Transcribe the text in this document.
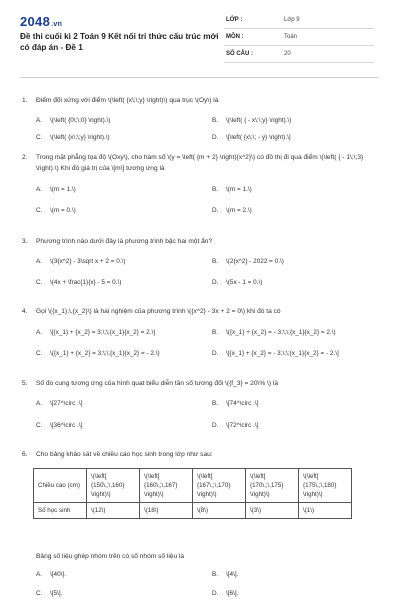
2048.vn
Đề thi cuối kì 2 Toán 9 Kết nối tri thức cấu trúc mới có đáp án - Đề 1
LỚP :	Lớp 9
MÔN :	Toán
SỐ CÂU :	20
1. Điểm đối xứng với điểm \(\left( {x\;\;y} \right)\) qua trục \(Oy\) là
A. \(\left( {0\;\;0} \right).\)	B. \(\left( { - x\;\;y} \right).\)
C. \(\left( {x\;\;y} \right).\)	D. \[\left( {x\;\; - y} \right).\]
2. Trong mặt phẳng tọa độ \(Oxy\), cho hàm số \(y = \left( {m + 2} \right){x^2}\) có đồ thị đi qua điểm \(\left( { - 1\;\;3} \right).\) Khi đó giá trị của \[m\] tương ứng là
A. \(m = 1.\)	B. \(m = 1.\)
C. \(m = 0.\)	D. \(m = 2.\)
3. Phương trình nào dưới đây là phương trình bậc hai một ẩn?
A. \(3{x^2} - 3\sqrt x + 2 = 0.\)	B. \(2{x^2} - 2022 = 0.\)
C. \(4x + \frac{1}{x} - 5 = 0.\)	D. \(5x - 1 = 0.\)
4. Gọi \({x_1},\,{x_2}\) là hai nghiệm của phương trình \({x^2} - 3x + 2 = 0\) khi đó ta có
A. \[{x_1} + {x_2} = 3;\;\;{x_1}{x_2} = 2.\]	B. \({x_1} + {x_2} = - 3;\;\;{x_1}{x_2} = 2.\)
C. \({x_1} + {x_2} = 3;\;\;{x_1}{x_2} = - 2.\)	D. \[{x_1} + {x_2} = - 3;\;\;{x_1}{x_2} = - 2.\]
5. Số đo cung tương ứng của hình quạt biểu diễn tần số tương đối \({f_3} = 20\% \) là
A. \[27^\circ .\]	B. \[74^\circ .\]
C. \[36^\circ .\]	D. \[72^\circ .\]
6. Cho bảng khảo sát về chiều cao học sinh trong lớp như sau:
Chiều cao (cm)	\(\left[ {150\,;\,160} \right)\)	\(\left[ {160\,;\,167} \right)\)	\(\left[ {167\,;\,170} \right)\)	\(\left[ {170\,;\,175} \right)\)	\(\left[ {175\,;\,180} \right)\)
Số học sinh	\(12\)	\(18\)	\(8\)	\(3\)	\(1\)
Bảng số liệu ghép nhóm trên có số nhóm số liệu là
A. \[40\].	B. \[4\].
C. \[5\].	D. \[6\].
